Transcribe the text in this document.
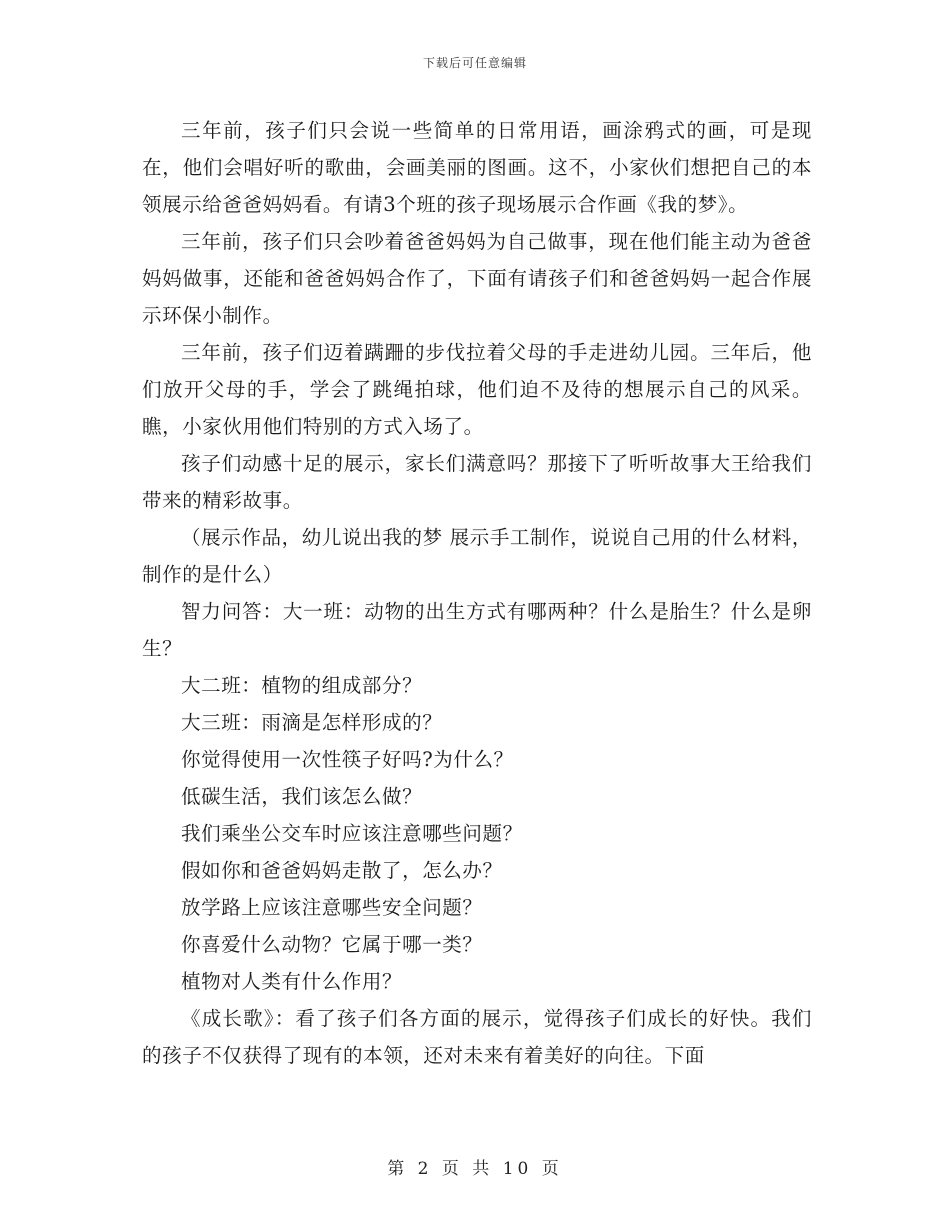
下载后可任意编辑

三年前，孩子们只会说一些简单的日常用语，画涂鸦式的画，可是现在，他们会唱好听的歌曲，会画美丽的图画。这不，小家伙们想把自己的本领展示给爸爸妈妈看。有请3个班的孩子现场展示合作画《我的梦》。

三年前，孩子们只会吵着爸爸妈妈为自己做事，现在他们能主动为爸爸妈妈做事，还能和爸爸妈妈合作了，下面有请孩子们和爸爸妈妈一起合作展示环保小制作。

三年前，孩子们迈着蹒跚的步伐拉着父母的手走进幼儿园。三年后，他们放开父母的手，学会了跳绳拍球，他们迫不及待的想展示自己的风采。瞧，小家伙用他们特别的方式入场了。

孩子们动感十足的展示，家长们满意吗？那接下了听听故事大王给我们带来的精彩故事。

（展示作品，幼儿说出我的梦 展示手工制作，说说自己用的什么材料，制作的是什么）

智力问答：大一班：动物的出生方式有哪两种？什么是胎生？什么是卵生？

大二班：植物的组成部分？

大三班：雨滴是怎样形成的？

你觉得使用一次性筷子好吗?为什么？

低碳生活，我们该怎么做？

我们乘坐公交车时应该注意哪些问题？

假如你和爸爸妈妈走散了，怎么办？

放学路上应该注意哪些安全问题？

你喜爱什么动物？它属于哪一类？

植物对人类有什么作用？

《成长歌》：看了孩子们各方面的展示，觉得孩子们成长的好快。我们的孩子不仅获得了现有的本领，还对未来有着美好的向往。下面

第 2 页 共 10 页
